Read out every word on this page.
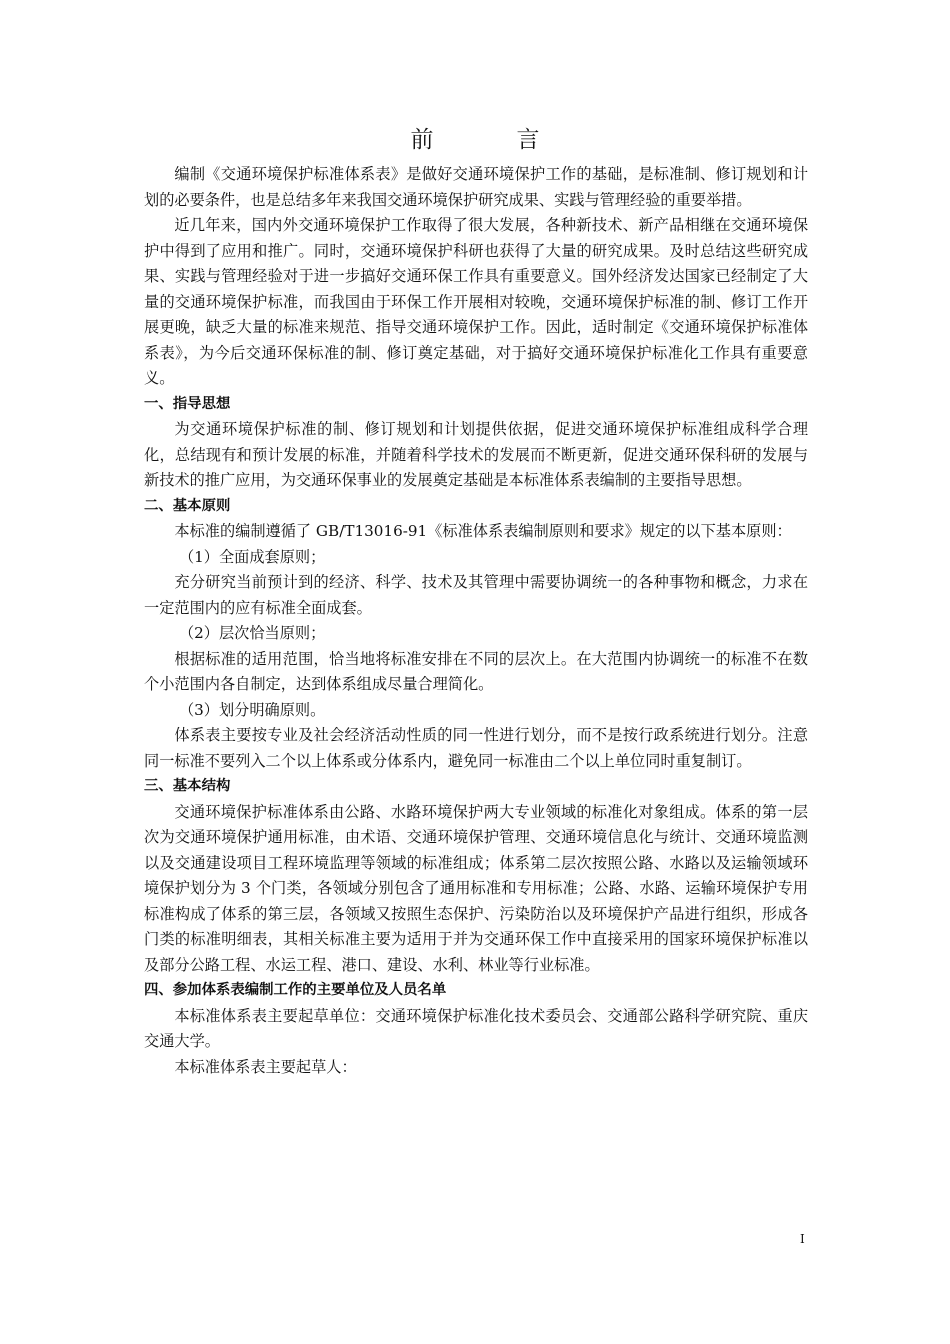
前　言

编制《交通环境保护标准体系表》是做好交通环境保护工作的基础，是标准制、修订规划和计划的必要条件，也是总结多年来我国交通环境保护研究成果、实践与管理经验的重要举措。

近几年来，国内外交通环境保护工作取得了很大发展，各种新技术、新产品相继在交通环境保护中得到了应用和推广。同时，交通环境保护科研也获得了大量的研究成果。及时总结这些研究成果、实践与管理经验对于进一步搞好交通环保工作具有重要意义。国外经济发达国家已经制定了大量的交通环境保护标准，而我国由于环保工作开展相对较晚，交通环境保护标准的制、修订工作开展更晚，缺乏大量的标准来规范、指导交通环境保护工作。因此，适时制定《交通环境保护标准体系表》，为今后交通环保标准的制、修订奠定基础，对于搞好交通环境保护标准化工作具有重要意义。

一、指导思想

为交通环境保护标准的制、修订规划和计划提供依据，促进交通环境保护标准组成科学合理化，总结现有和预计发展的标准，并随着科学技术的发展而不断更新，促进交通环保科研的发展与新技术的推广应用，为交通环保事业的发展奠定基础是本标准体系表编制的主要指导思想。

二、基本原则

本标准的编制遵循了 GB/T13016-91《标准体系表编制原则和要求》规定的以下基本原则：

（1）全面成套原则；

充分研究当前预计到的经济、科学、技术及其管理中需要协调统一的各种事物和概念，力求在一定范围内的应有标准全面成套。

（2）层次恰当原则；

根据标准的适用范围，恰当地将标准安排在不同的层次上。在大范围内协调统一的标准不在数个小范围内各自制定，达到体系组成尽量合理简化。

（3）划分明确原则。

体系表主要按专业及社会经济活动性质的同一性进行划分，而不是按行政系统进行划分。注意同一标准不要列入二个以上体系或分体系内，避免同一标准由二个以上单位同时重复制订。

三、基本结构

交通环境保护标准体系由公路、水路环境保护两大专业领域的标准化对象组成。体系的第一层次为交通环境保护通用标准，由术语、交通环境保护管理、交通环境信息化与统计、交通环境监测以及交通建设项目工程环境监理等领域的标准组成；体系第二层次按照公路、水路以及运输领域环境保护划分为 3 个门类，各领域分别包含了通用标准和专用标准；公路、水路、运输环境保护专用标准构成了体系的第三层，各领域又按照生态保护、污染防治以及环境保护产品进行组织，形成各门类的标准明细表，其相关标准主要为适用于并为交通环保工作中直接采用的国家环境保护标准以及部分公路工程、水运工程、港口、建设、水利、林业等行业标准。

四、参加体系表编制工作的主要单位及人员名单

本标准体系表主要起草单位：交通环境保护标准化技术委员会、交通部公路科学研究院、重庆交通大学。

本标准体系表主要起草人：

I
